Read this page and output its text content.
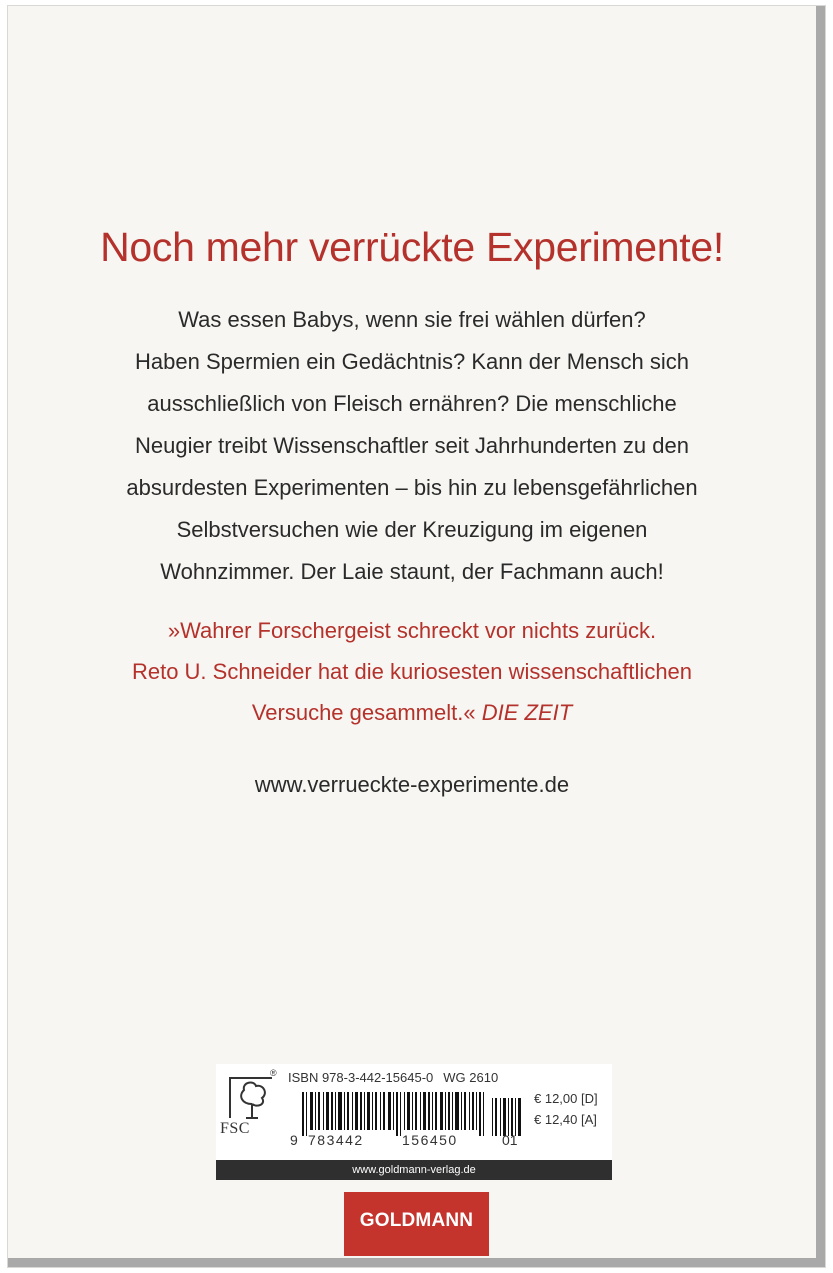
Noch mehr verrückte Experimente!

Was essen Babys, wenn sie frei wählen dürfen?
Haben Spermien ein Gedächtnis? Kann der Mensch sich
ausschließlich von Fleisch ernähren? Die menschliche
Neugier treibt Wissenschaftler seit Jahrhunderten zu den
absurdesten Experimenten – bis hin zu lebensgefährlichen
Selbstversuchen wie der Kreuzigung im eigenen
Wohnzimmer. Der Laie staunt, der Fachmann auch!

»Wahrer Forschergeist schreckt vor nichts zurück.
Reto U. Schneider hat die kuriosesten wissenschaftlichen
Versuche gesammelt.« DIE ZEIT

www.verrueckte-experimente.de
FSC
® ISBN 978-3-442-15645-0 WG 2610
9 783442	156450	01
€ 12,00 [D]
€ 12,40 [A]
www.goldmann-verlag.de
GOLDMANN
